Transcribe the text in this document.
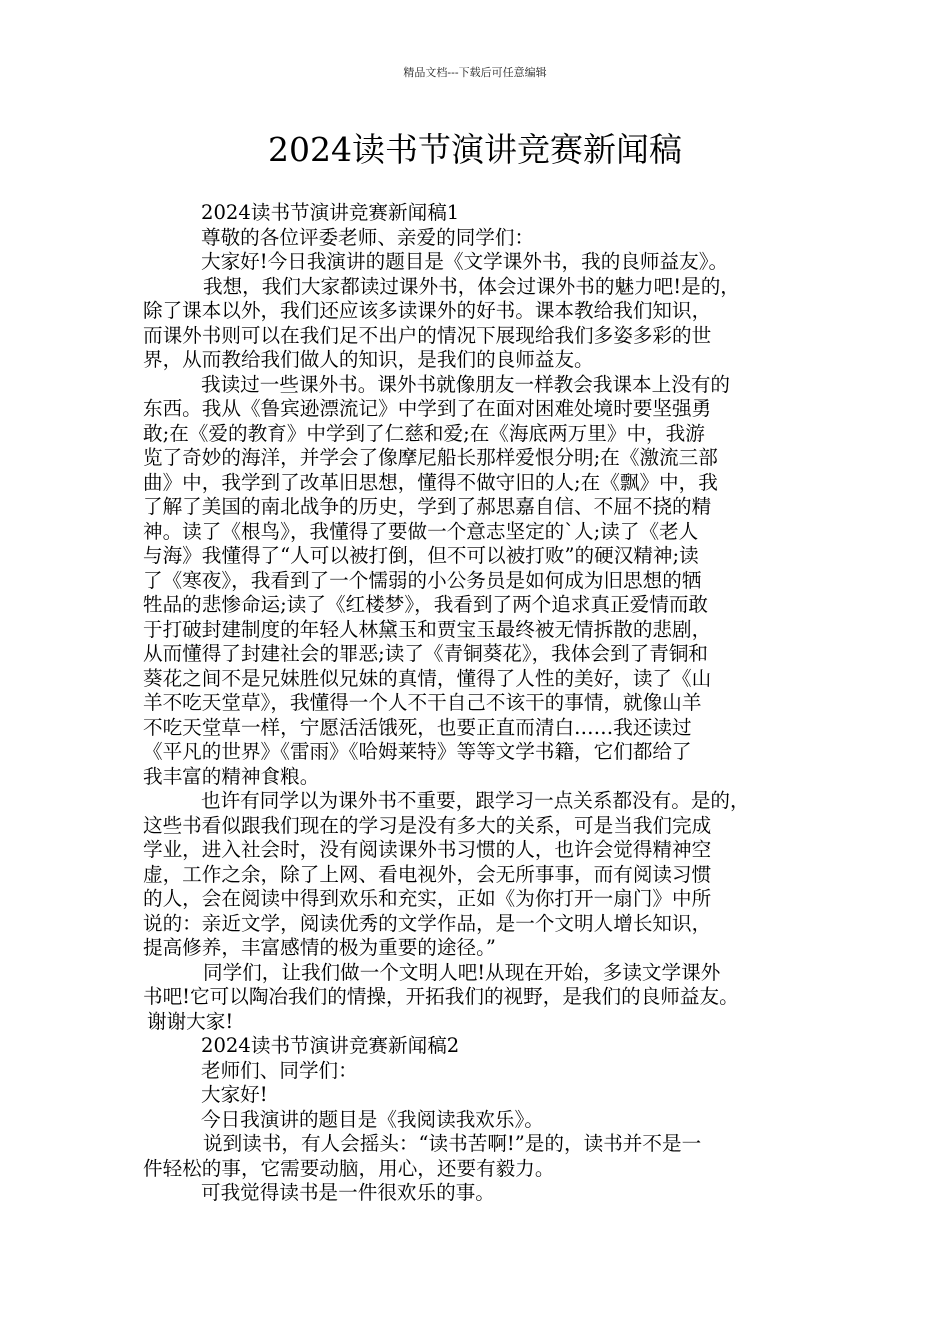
精品文档---下载后可任意编辑
2024读书节演讲竞赛新闻稿
2024读书节演讲竞赛新闻稿1
尊敬的各位评委老师、亲爱的同学们：
大家好!今日我演讲的题目是《文学课外书，我的良师益友》。
我想，我们大家都读过课外书，体会过课外书的魅力吧!是的，
除了课本以外，我们还应该多读课外的好书。课本教给我们知识，
而课外书则可以在我们足不出户的情况下展现给我们多姿多彩的世
界，从而教给我们做人的知识，是我们的良师益友。
我读过一些课外书。课外书就像朋友一样教会我课本上没有的
东西。我从《鲁宾逊漂流记》中学到了在面对困难处境时要坚强勇
敢;在《爱的教育》中学到了仁慈和爱;在《海底两万里》中，我游
览了奇妙的海洋，并学会了像摩尼船长那样爱恨分明;在《激流三部
曲》中，我学到了改革旧思想，懂得不做守旧的人;在《飘》中，我
了解了美国的南北战争的历史，学到了郝思嘉自信、不屈不挠的精
神。读了《根鸟》，我懂得了要做一个意志坚定的`人;读了《老人
与海》我懂得了“人可以被打倒，但不可以被打败”的硬汉精神;读
了《寒夜》，我看到了一个懦弱的小公务员是如何成为旧思想的牺
牲品的悲惨命运;读了《红楼梦》，我看到了两个追求真正爱情而敢
于打破封建制度的年轻人林黛玉和贾宝玉最终被无情拆散的悲剧，
从而懂得了封建社会的罪恶;读了《青铜葵花》，我体会到了青铜和
葵花之间不是兄妹胜似兄妹的真情，懂得了人性的美好，读了《山
羊不吃天堂草》，我懂得一个人不干自己不该干的事情，就像山羊
不吃天堂草一样，宁愿活活饿死，也要正直而清白……我还读过
《平凡的世界》《雷雨》《哈姆莱特》等等文学书籍，它们都给了
我丰富的精神食粮。
也许有同学以为课外书不重要，跟学习一点关系都没有。是的，
这些书看似跟我们现在的学习是没有多大的关系，可是当我们完成
学业，进入社会时，没有阅读课外书习惯的人，也许会觉得精神空
虚，工作之余，除了上网、看电视外，会无所事事，而有阅读习惯
的人，会在阅读中得到欢乐和充实，正如《为你打开一扇门》中所
说的：亲近文学，阅读优秀的文学作品，是一个文明人增长知识，
提高修养，丰富感情的极为重要的途径。”
同学们，让我们做一个文明人吧!从现在开始，多读文学课外
书吧!它可以陶冶我们的情操，开拓我们的视野，是我们的良师益友。
谢谢大家!
2024读书节演讲竞赛新闻稿2
老师们、同学们：
大家好!
今日我演讲的题目是《我阅读我欢乐》。
说到读书，有人会摇头：“读书苦啊!”是的，读书并不是一
件轻松的事，它需要动脑，用心，还要有毅力。
可我觉得读书是一件很欢乐的事。
